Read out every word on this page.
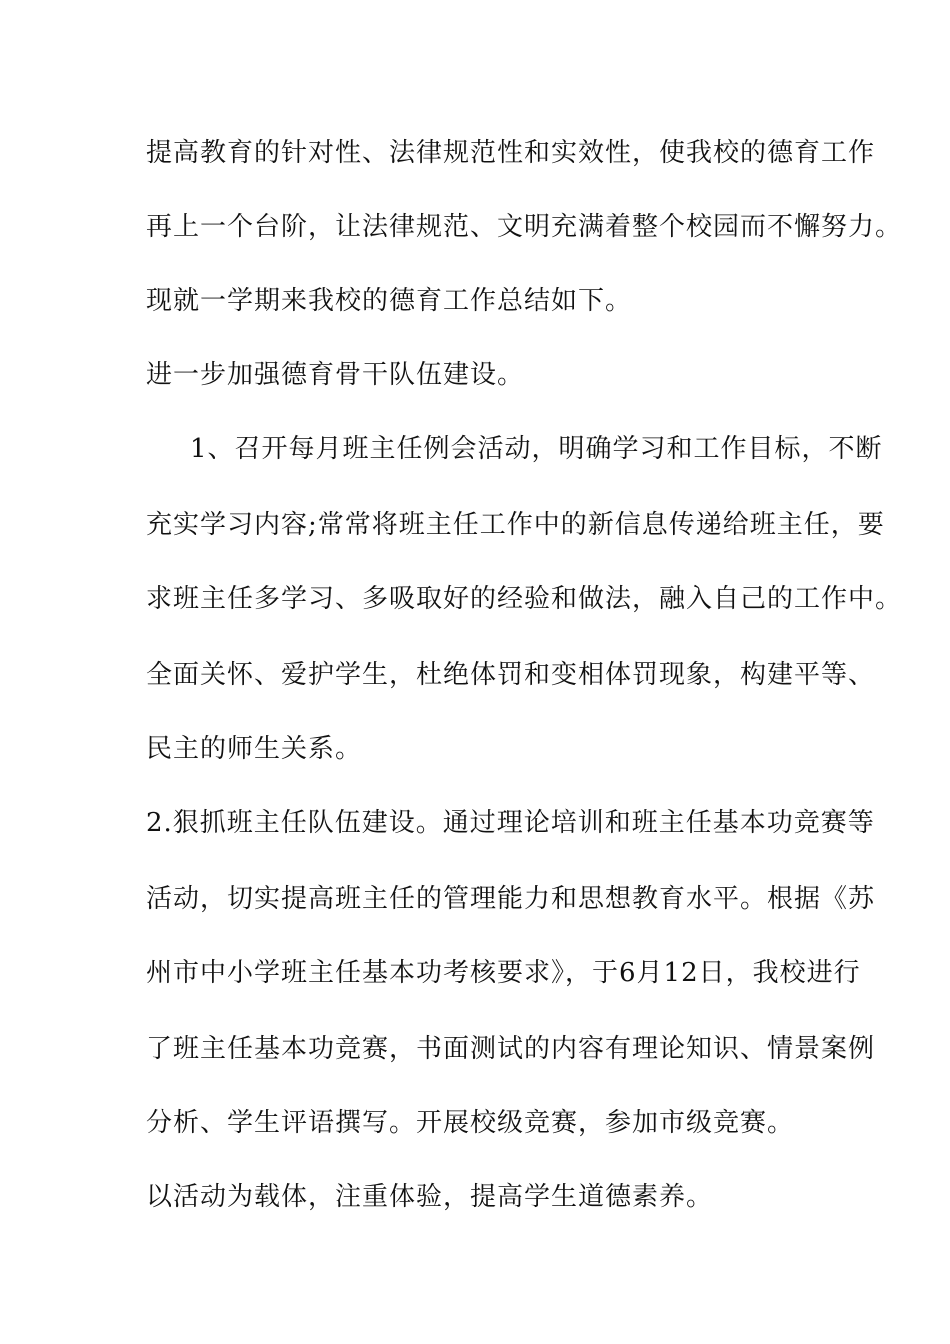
提高教育的针对性、法律规范性和实效性，使我校的德育工作
再上一个台阶，让法律规范、文明充满着整个校园而不懈努力。
现就一学期来我校的德育工作总结如下。
进一步加强德育骨干队伍建设。
1、召开每月班主任例会活动，明确学习和工作目标，不断
充实学习内容;常常将班主任工作中的新信息传递给班主任，要
求班主任多学习、多吸取好的经验和做法，融入自己的工作中。
全面关怀、爱护学生，杜绝体罚和变相体罚现象，构建平等、
民主的师生关系。
2.狠抓班主任队伍建设。通过理论培训和班主任基本功竞赛等
活动，切实提高班主任的管理能力和思想教育水平。根据《苏
州市中小学班主任基本功考核要求》，于6月12日，我校进行
了班主任基本功竞赛，书面测试的内容有理论知识、情景案例
分析、学生评语撰写。开展校级竞赛，参加市级竞赛。
以活动为载体，注重体验，提高学生道德素养。
